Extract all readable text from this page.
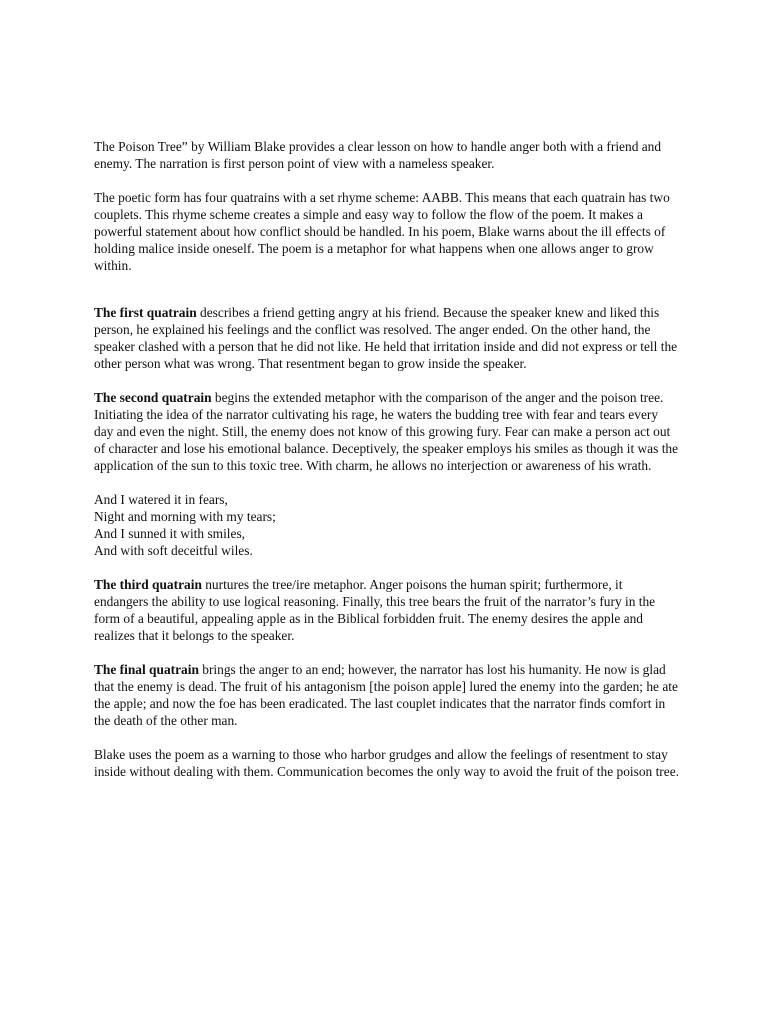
The Poison Tree” by William Blake provides a clear lesson on how to handle anger both with a friend and enemy. The narration is first person point of view with a nameless speaker.

The poetic form has four quatrains with a set rhyme scheme: AABB. This means that each quatrain has two couplets. This rhyme scheme creates a simple and easy way to follow the flow of the poem. It makes a powerful statement about how conflict should be handled. In his poem, Blake warns about the ill effects of holding malice inside oneself. The poem is a metaphor for what happens when one allows anger to grow within.

The first quatrain describes a friend getting angry at his friend. Because the speaker knew and liked this person, he explained his feelings and the conflict was resolved. The anger ended. On the other hand, the speaker clashed with a person that he did not like. He held that irritation inside and did not express or tell the other person what was wrong. That resentment began to grow inside the speaker.

The second quatrain begins the extended metaphor with the comparison of the anger and the poison tree. Initiating the idea of the narrator cultivating his rage, he waters the budding tree with fear and tears every day and even the night. Still, the enemy does not know of this growing fury. Fear can make a person act out of character and lose his emotional balance. Deceptively, the speaker employs his smiles as though it was the application of the sun to this toxic tree. With charm, he allows no interjection or awareness of his wrath.

And I watered it in fears,
Night and morning with my tears;
And I sunned it with smiles,
And with soft deceitful wiles.

The third quatrain nurtures the tree/ire metaphor. Anger poisons the human spirit; furthermore, it endangers the ability to use logical reasoning. Finally, this tree bears the fruit of the narrator’s fury in the form of a beautiful, appealing apple as in the Biblical forbidden fruit. The enemy desires the apple and realizes that it belongs to the speaker.

The final quatrain brings the anger to an end; however, the narrator has lost his humanity. He now is glad that the enemy is dead. The fruit of his antagonism [the poison apple] lured the enemy into the garden; he ate the apple; and now the foe has been eradicated. The last couplet indicates that the narrator finds comfort in the death of the other man.

Blake uses the poem as a warning to those who harbor grudges and allow the feelings of resentment to stay inside without dealing with them. Communication becomes the only way to avoid the fruit of the poison tree.
